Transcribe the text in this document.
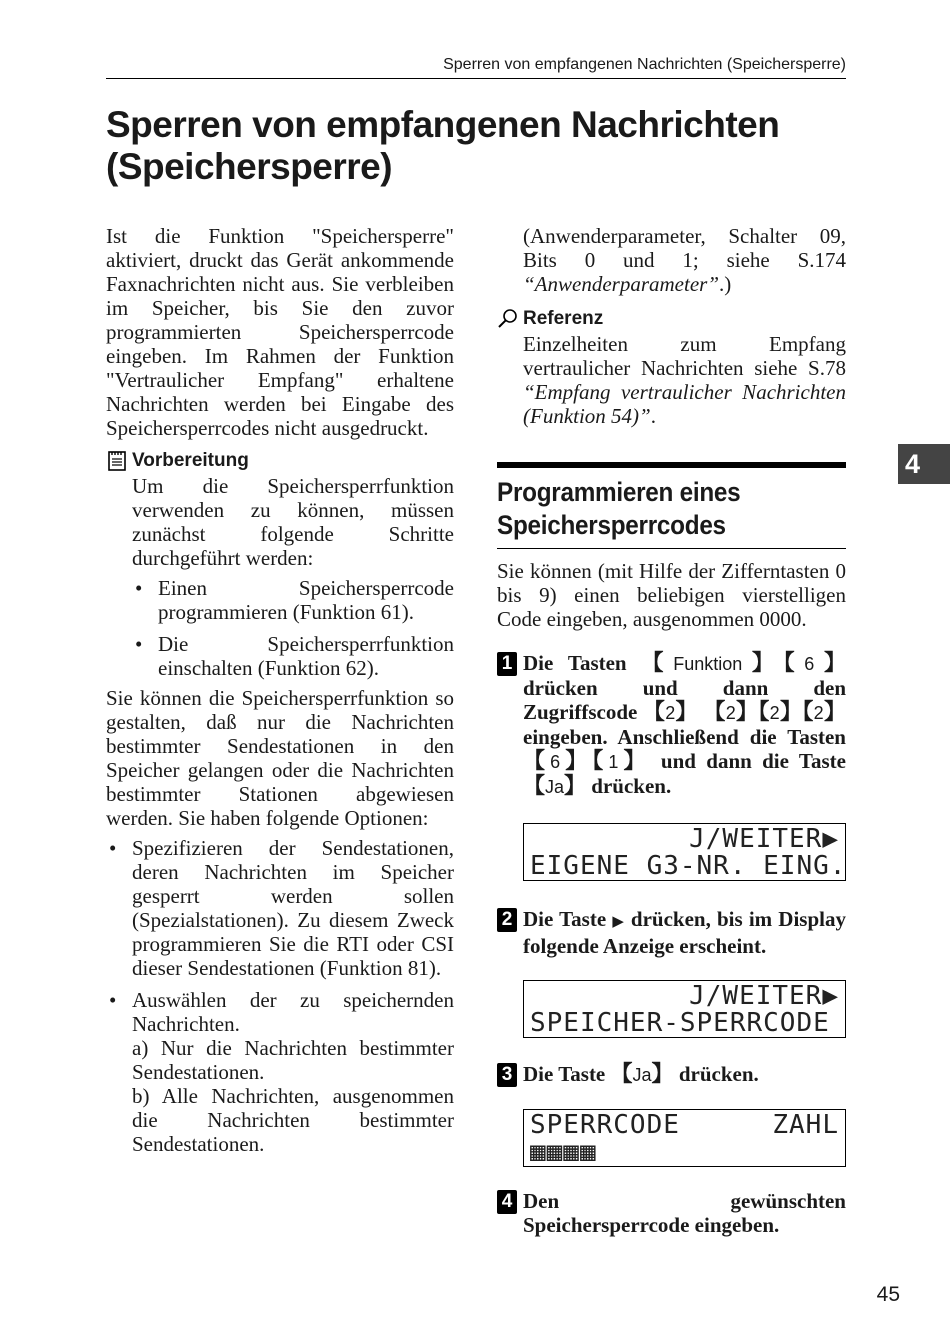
Sperren von empfangenen Nachrichten (Speichersperre)
Sperren von empfangenen Nachrichten
(Speichersperre)
4

Ist die Funktion "Speichersperre" aktiviert, druckt das Gerät ankommende Faxnachrichten nicht aus. Sie verbleiben im Speicher, bis Sie den zuvor programmierten Speichersperrcode eingeben. Im Rahmen der Funktion "Vertraulicher Empfang" erhaltene Nachrichten werden bei Eingabe des Speichersperrcodes nicht ausgedruckt.

Vorbereitung

Um die Speichersperrfunktion verwenden zu können, müssen zunächst folgende Schritte durchgeführt werden:

• Einen Speichersperrcode programmieren (Funktion 61).
• Die Speichersperrfunktion einschalten (Funktion 62).

Sie können die Speichersperrfunktion so gestalten, daß nur die Nachrichten bestimmter Sendestationen in den Speicher gelangen oder die Nachrichten bestimmter Stationen abgewiesen werden. Sie haben folgende Optionen:

• Spezifizieren der Sendestationen, deren Nachrichten im Speicher gesperrt werden sollen (Spezialstationen). Zu diesem Zweck programmieren Sie die RTI oder CSI dieser Sendestationen (Funktion 81).
• Auswählen der zu speichernden Nachrichten.
a) Nur die Nachrichten bestimmter Sendestationen.
b) Alle Nachrichten, ausgenommen die Nachrichten bestimmter Sendestationen.

(Anwenderparameter, Schalter 09, Bits 0 und 1; siehe S.174 “Anwenderparameter”.)

Referenz

Einzelheiten zum Empfang vertraulicher Nachrichten siehe S.78 “Empfang vertraulicher Nachrichten (Funktion 54)”.

Programmieren eines
Speichersperrcodes

Sie können (mit Hilfe der Zifferntasten 0 bis 9) einen beliebigen vierstelligen Code eingeben, ausgenommen 0000.

1 Die Tasten 【Funktion】【6】 drücken und dann den Zugriffscode 【2】 【2】【2】【2】 eingeben. Anschließend die Tasten 【6】【1】 und dann die Taste 【Ja】 drücken.

J/WEITER▶
EIGENE G3-NR. EING.
2 Die Taste ▶ drücken, bis im Display folgende Anzeige erscheint.

J/WEITER▶
SPEICHER-SPERRCODE
3 Die Taste 【Ja】 drücken.

SPERRCODE	ZAHL
▦▦▦▦
4 Den gewünschten Speichersperrcode eingeben.

45
